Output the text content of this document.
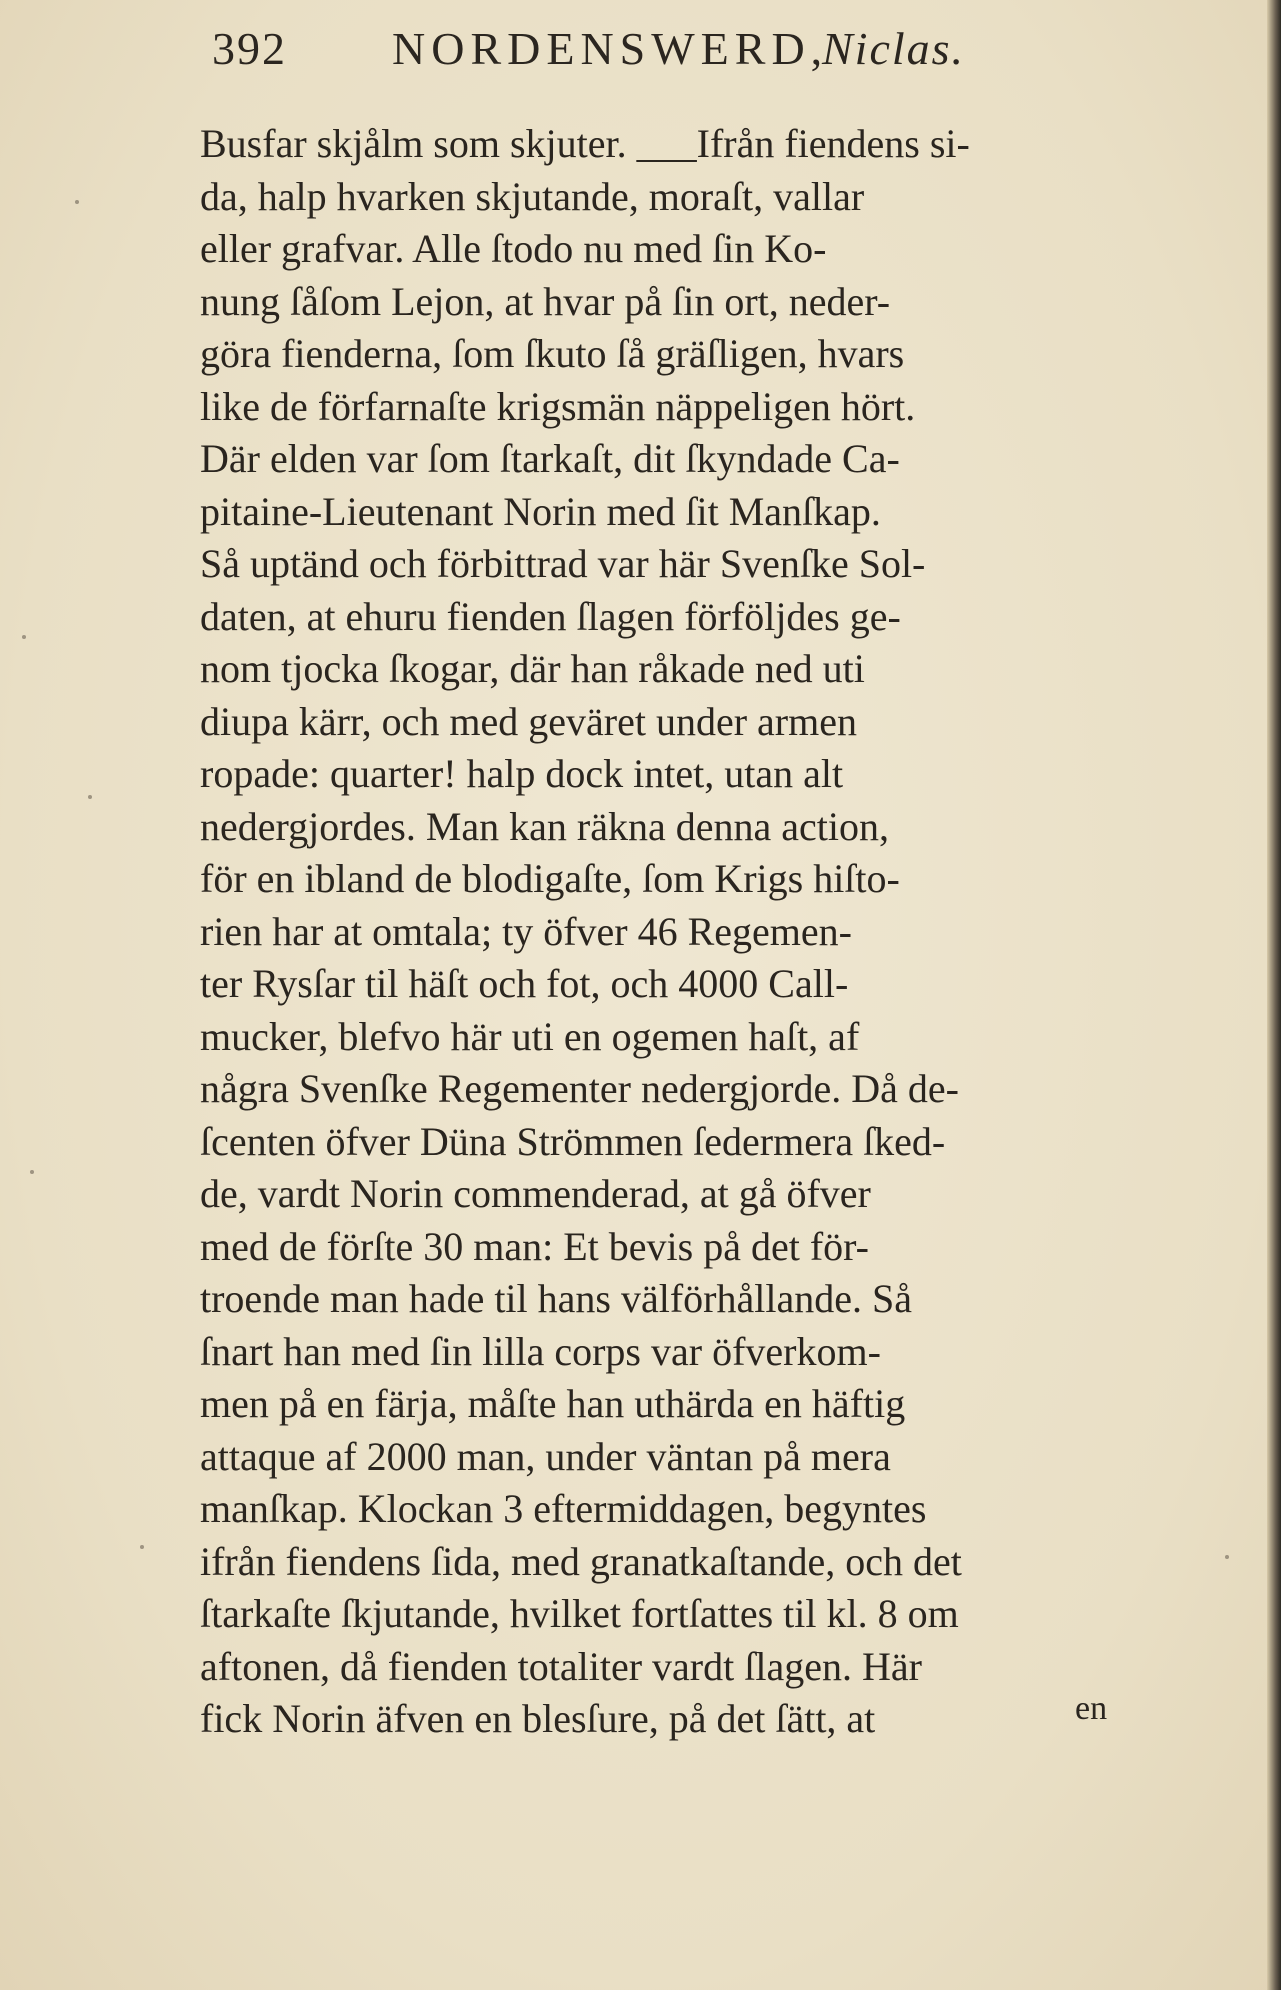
392 NORDENSWERD,
Niclas.
Busfar skjålm som skjuter. ___Ifrån fiendens si-
da, halp hvarken skjutande, moraſt, vallar
eller grafvar. Alle ſtodo nu med ſin Ko-
nung ſåſom Lejon, at hvar på ſin ort, neder-
göra fienderna, ſom ſkuto ſå gräſligen, hvars
like de förfarnaſte krigsmän näppeligen hört.
Där elden var ſom ſtarkaſt, dit ſkyndade Ca-
pitaine-Lieutenant Norin med ſit Manſkap.
Så uptänd och förbittrad var här Svenſke Sol-
daten, at ehuru fienden ſlagen förföljdes ge-
nom tjocka ſkogar, där han råkade ned uti
diupa kärr, och med geväret under armen
ropade: quarter! halp dock intet, utan alt
nedergjordes. Man kan räkna denna action,
för en ibland de blodigaſte, ſom Krigs hiſto-
rien har at omtala; ty öfver 46 Regemen-
ter Rysſar til häſt och fot, och 4000 Call-
mucker, blefvo här uti en ogemen haſt, af
några Svenſke Regementer nedergjorde. Då de-
ſcenten öfver Düna Strömmen ſedermera ſked-
de, vardt Norin commenderad, at gå öfver
med de förſte 30 man: Et bevis på det för-
troende man hade til hans välförhållande. Så
ſnart han med ſin lilla corps var öfverkom-
men på en färja, måſte han uthärda en häftig
attaque af 2000 man, under väntan på mera
manſkap. Klockan 3 eftermiddagen, begyntes
ifrån fiendens ſida, med granatkaſtande, och det
ſtarkaſte ſkjutande, hvilket fortſattes til kl. 8 om
aftonen, då fienden totaliter vardt ſlagen. Här
fick Norin äfven en blesſure, på det ſätt, at	en
